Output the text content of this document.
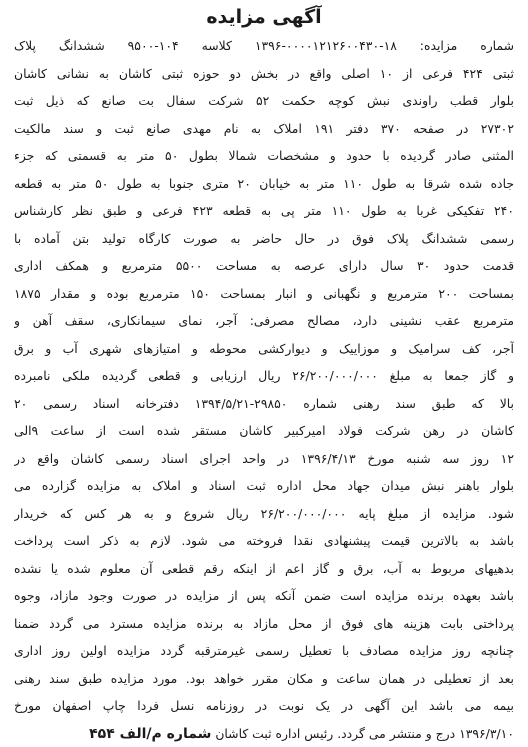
آگهی مزایده
شماره مزایده: ۱۸-۰۰۰۰۱۲۱۲۶۰۰۴۳۰-۱۳۹۶ کلاسه ۱۰۴-۹۵۰۰ ششدانگ پلاک
ثبتی ۴۲۴ فرعی از ۱۰ اصلی واقع در بخش دو حوزه ثبتی کاشان به نشانی کاشان
بلوار قطب راوندی نبش کوچه حکمت ۵۲ شرکت سفال بت صانع که ذیل ثبت
۲۷۳۰۲ در صفحه ۳۷۰ دفتر ۱۹۱ املاک به نام مهدی صانع ثبت و سند مالکیت
المثنی صادر گردیده با حدود و مشخصات شمالا بطول ۵۰ متر به قسمتی که جزء
جاده شده شرقا به طول ۱۱۰ متر به خیابان ۲۰ متری جنوبا به طول ۵۰ متر به قطعه
۲۴۰ تفکیکی غربا به طول ۱۱۰ متر پی به قطعه ۴۲۳ فرعی و طبق نظر کارشناس
رسمی ششدانگ پلاک فوق در حال حاضر به صورت کارگاه تولید بتن آماده با
قدمت حدود ۳۰ سال دارای عرصه به مساحت ۵۵۰۰ مترمربع و همکف اداری
بمساحت ۲۰۰ مترمربع و نگهبانی و انبار بمساحت ۱۵۰ مترمربع بوده و مقدار ۱۸۷۵
مترمربع عقب نشینی دارد، مصالح مصرفی: آجر، نمای سیمانکاری، سقف آهن و
آجر، کف سرامیک و موزاییک و دیوارکشی محوطه و امتیازهای شهری آب و برق
و گاز جمعا به مبلغ ۲۶/۲۰۰/۰۰۰/۰۰۰ ریال ارزیابی و قطعی گردیده ملکی نامبرده
بالا که طبق سند رهنی شماره ۲۹۸۵۰-۱۳۹۴/۵/۲۱ دفترخانه اسناد رسمی ۲۰
کاشان در رهن شرکت فولاد امیرکبیر کاشان مستقر شده است از ساعت ۹الی
۱۲ روز سه شنبه مورخ ۱۳۹۶/۴/۱۳ در واحد اجرای اسناد رسمی کاشان واقع در
بلوار باهنر نبش میدان جهاد محل اداره ثبت اسناد و املاک به مزایده گزارده می
شود. مزایده از مبلغ پایه ۲۶/۲۰۰/۰۰۰/۰۰۰ ریال شروع و به هر کس که خریدار
باشد به بالاترین قیمت پیشنهادی نقدا فروخته می شود. لازم به ذکر است پرداخت
بدهیهای مربوط به آب، برق و گاز اعم از اینکه رقم قطعی آن معلوم شده یا نشده
باشد بعهده برنده مزایده است ضمن آنکه پس از مزایده در صورت وجود مازاد، وجوه
پرداختی بابت هزینه های فوق از محل مازاد به برنده مزایده مسترد می گردد ضمنا
چنانچه روز مزایده مصادف با تعطیل رسمی غیرمترقبه گردد مزایده اولین روز اداری
بعد از تعطیلی در همان ساعت و مکان مقرر خواهد بود. مورد مزایده طبق سند رهنی
بیمه می باشد این آگهی در یک نوبت در روزنامه نسل فردا چاپ اصفهان مورخ
۱۳۹۶/۳/۱۰ درج و منتشر می گردد. رئیس اداره ثبت کاشان شماره م/الف ۴۵۴
